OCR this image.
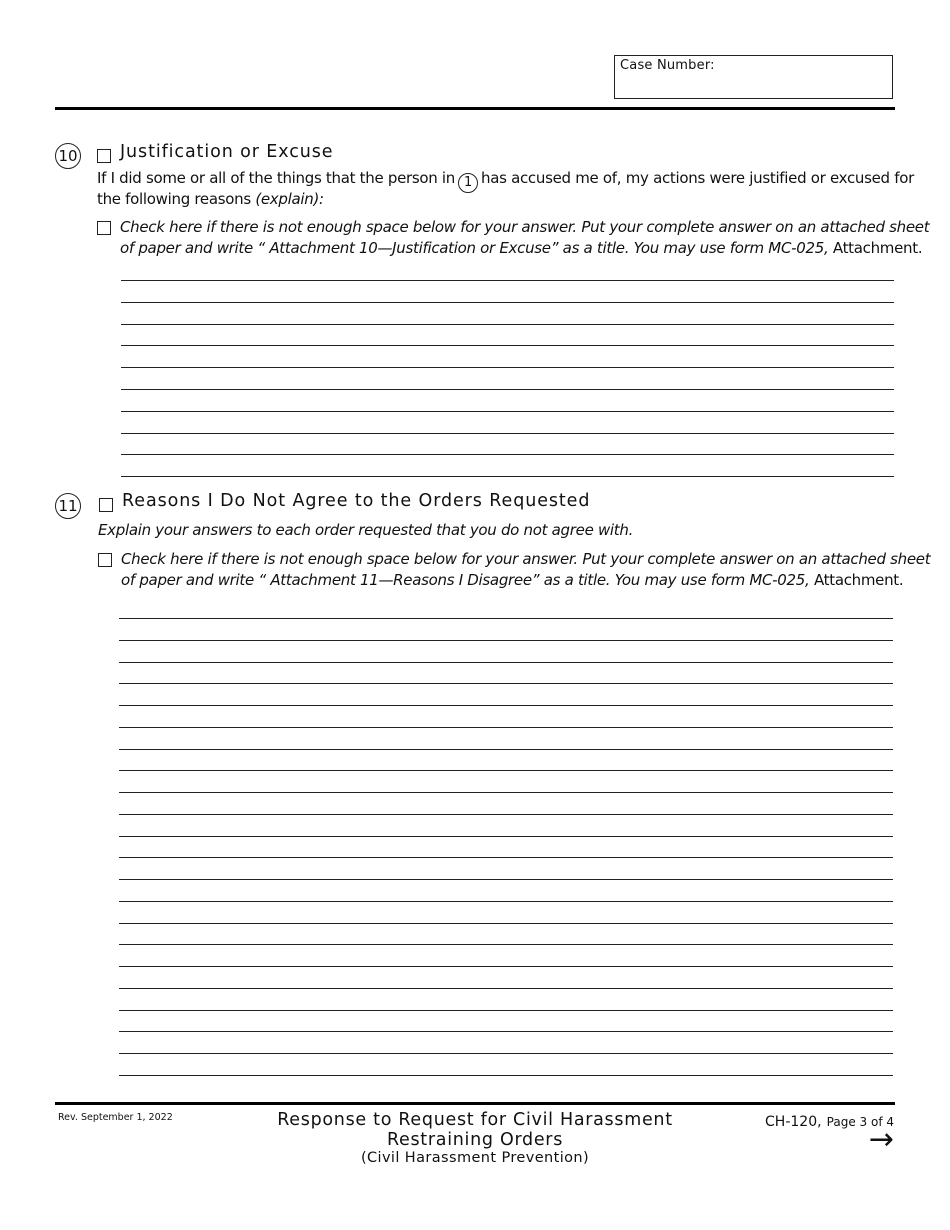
Case Number:
10 Justification or Excuse
If I did some or all of the things that the person in 1 has accused me of, my actions were justified or excused for
the following reasons (explain):
Check here if there is not enough space below for your answer. Put your complete answer on an attached sheet
of paper and write “ Attachment 10—Justification or Excuse” as a title. You may use form MC-025, Attachment.
11	Reasons I Do Not Agree to the Orders Requested
Explain your answers to each order requested that you do not agree with.
Check here if there is not enough space below for your answer. Put your complete answer on an attached sheet
of paper and write “ Attachment 11—Reasons I Disagree” as a title. You may use form MC-025, Attachment.
Rev. September 1, 2022	Response to Request for Civil Harassment
Restraining Orders
(Civil Harassment Prevention)
CH-120, Page 3 of 4
→
